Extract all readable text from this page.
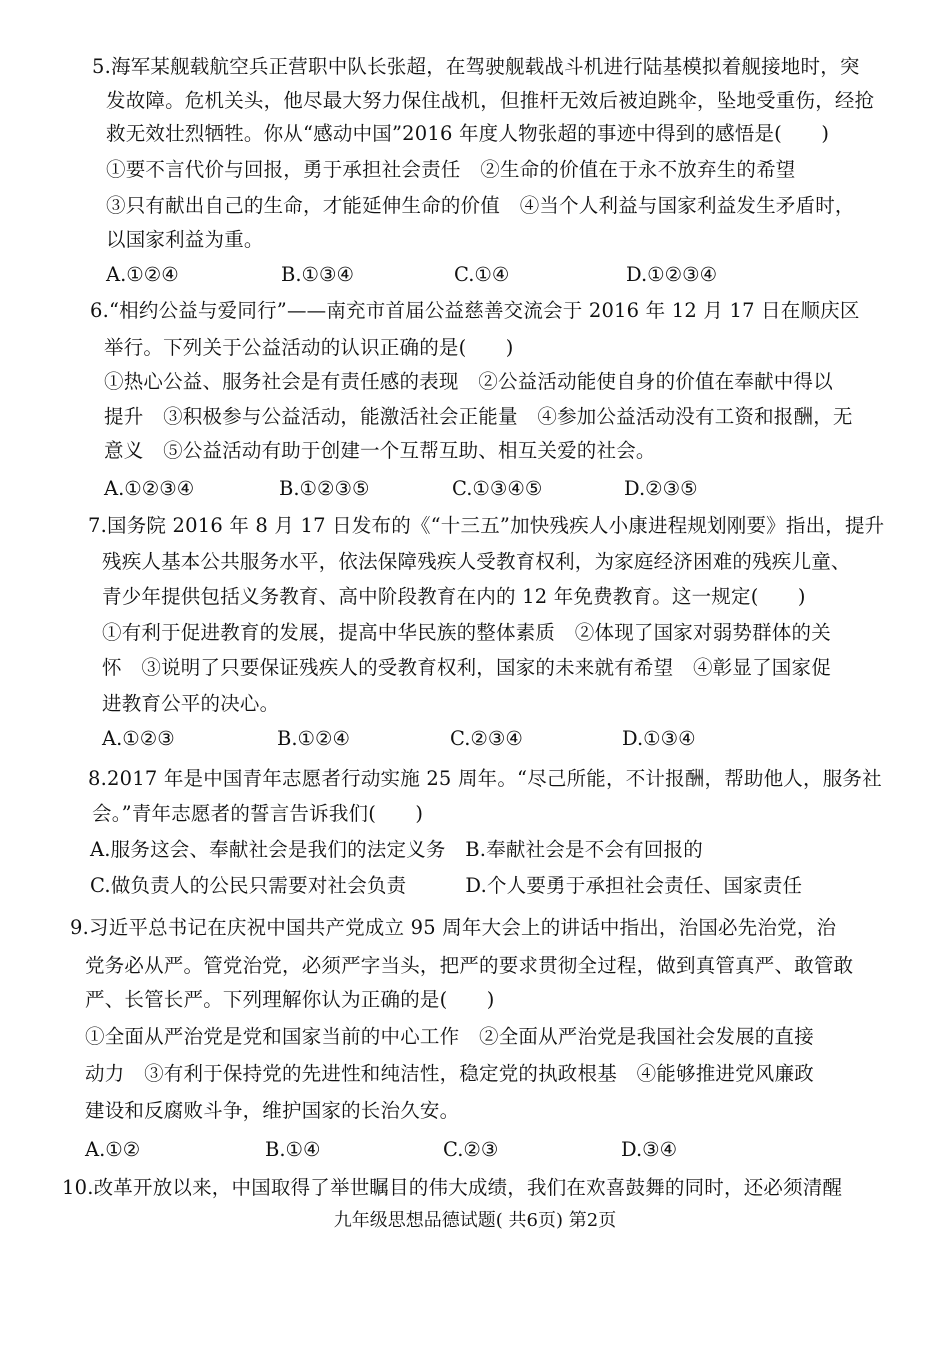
5.海军某舰载航空兵正营职中队长张超，在驾驶舰载战斗机进行陆基模拟着舰接地时，突
发故障。危机关头，他尽最大努力保住战机，但推杆无效后被迫跳伞，坠地受重伤，经抢
救无效壮烈牺牲。你从“感动中国”2016 年度人物张超的事迹中得到的感悟是(　　)
①要不言代价与回报，勇于承担社会责任　②生命的价值在于永不放弃生的希望
③只有献出自己的生命，才能延伸生命的价值　④当个人利益与国家利益发生矛盾时，
以国家利益为重。
A.①②④	B.①③④	C.①④	D.①②③④
6.“相约公益与爱同行”——南充市首届公益慈善交流会于 2016 年 12 月 17 日在顺庆区
举行。下列关于公益活动的认识正确的是(　　)
①热心公益、服务社会是有责任感的表现　②公益活动能使自身的价值在奉献中得以
提升　③积极参与公益活动，能激活社会正能量　④参加公益活动没有工资和报酬，无
意义　⑤公益活动有助于创建一个互帮互助、相互关爱的社会。
A.①②③④	B.①②③⑤	C.①③④⑤	D.②③⑤
7.国务院 2016 年 8 月 17 日发布的《“十三五”加快残疾人小康进程规划刚要》指出，提升
残疾人基本公共服务水平，依法保障残疾人受教育权利，为家庭经济困难的残疾儿童、
青少年提供包括义务教育、高中阶段教育在内的 12 年免费教育。这一规定(　　)
①有利于促进教育的发展，提高中华民族的整体素质　②体现了国家对弱势群体的关
怀　③说明了只要保证残疾人的受教育权利，国家的未来就有希望　④彰显了国家促
进教育公平的决心。
A.①②③	B.①②④	C.②③④	D.①③④
8.2017 年是中国青年志愿者行动实施 25 周年。“尽己所能，不计报酬，帮助他人，服务社
会。”青年志愿者的誓言告诉我们(　　)
A.服务这会、奉献社会是我们的法定义务　B.奉献社会是不会有回报的
C.做负责人的公民只需要对社会负责　　　D.个人要勇于承担社会责任、国家责任
9.习近平总书记在庆祝中国共产党成立 95 周年大会上的讲话中指出，治国必先治党，治
党务必从严。管党治党，必须严字当头，把严的要求贯彻全过程，做到真管真严、敢管敢
严、长管长严。下列理解你认为正确的是(　　)
①全面从严治党是党和国家当前的中心工作　②全面从严治党是我国社会发展的直接
动力　③有利于保持党的先进性和纯洁性，稳定党的执政根基　④能够推进党风廉政
建设和反腐败斗争，维护国家的长治久安。
A.①②	B.①④	C.②③	D.③④
10.改革开放以来，中国取得了举世瞩目的伟大成绩，我们在欢喜鼓舞的同时，还必须清醒
九年级思想品德试题( 共6页) 第2页
